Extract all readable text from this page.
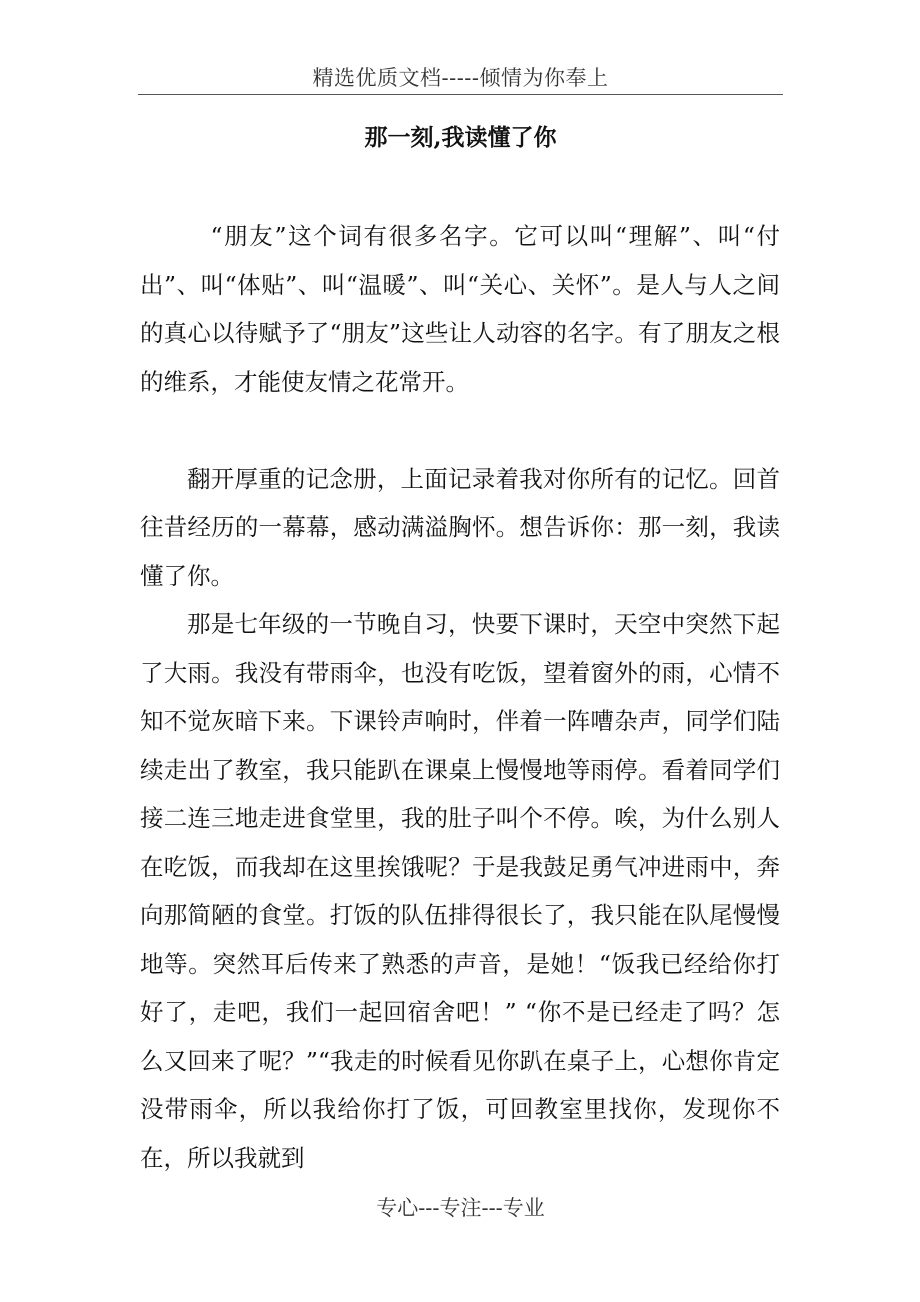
精选优质文档-----倾情为你奉上
那一刻,我读懂了你

“朋友”这个词有很多名字。它可以叫“理解”、叫“付出”、叫“体贴”、叫“温暖”、叫“关心、关怀”。是人与人之间的真心以待赋予了“朋友”这些让人动容的名字。有了朋友之根的维系，才能使友情之花常开。

翻开厚重的记念册，上面记录着我对你所有的记忆。回首往昔经历的一幕幕，感动满溢胸怀。想告诉你：那一刻，我读懂了你。

那是七年级的一节晚自习，快要下课时，天空中突然下起了大雨。我没有带雨伞，也没有吃饭，望着窗外的雨，心情不知不觉灰暗下来。下课铃声响时，伴着一阵嘈杂声，同学们陆续走出了教室，我只能趴在课桌上慢慢地等雨停。看着同学们接二连三地走进食堂里，我的肚子叫个不停。唉，为什么别人在吃饭，而我却在这里挨饿呢？于是我鼓足勇气冲进雨中，奔向那简陋的食堂。打饭的队伍排得很长了，我只能在队尾慢慢地等。突然耳后传来了熟悉的声音，是她！“饭我已经给你打好了，走吧，我们一起回宿舍吧！” “你不是已经走了吗？怎么又回来了呢？”“我走的时候看见你趴在桌子上，心想你肯定没带雨伞，所以我给你打了饭，可回教室里找你，发现你不在，所以我就到

专心---专注---专业
